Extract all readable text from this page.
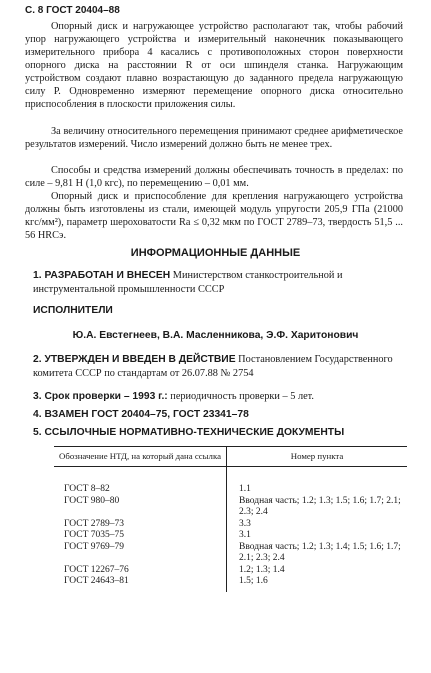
С. 8 ГОСТ 20404–88
Опорный диск и нагружающее устройство располагают так, чтобы рабочий упор нагружающего устройства и измерительный наконечник показывающего измерительного прибора 4 касались с противоположных сторон поверхности опорного диска на расстоянии R от оси шпинделя станка. Нагружающим устройством создают плавно возрастающую до заданного предела нагружающую силу P. Одновременно измеряют перемещение опорного диска относительно приспособления в плоскости приложения силы.
За величину относительного перемещения принимают среднее арифметическое результатов измерений. Число измерений должно быть не менее трех.
Способы и средства измерений должны обеспечивать точность в пределах: по силе – 9,81 Н (1,0 кгс), по перемещению – 0,01 мм.
Опорный диск и приспособление для крепления нагружающего устройства должны быть изготовлены из стали, имеющей модуль упругости 205,9 ГПа (21000 кгс/мм²), параметр шероховатости Ra ≤ 0,32 мкм по ГОСТ 2789–73, твердость 51,5 ... 56 HRCэ.
ИНФОРМАЦИОННЫЕ ДАННЫЕ
1. РАЗРАБОТАН И ВНЕСЕН Министерством станкостроительной и инструментальной промышленности СССР
ИСПОЛНИТЕЛИ
Ю.А. Евстегнеев, В.А. Масленникова, Э.Ф. Харитонович
2. УТВЕРЖДЕН И ВВЕДЕН В ДЕЙСТВИЕ Постановлением Государственного комитета СССР по стандартам от 26.07.88 № 2754
3. Срок проверки – 1993 г.: периодичность проверки – 5 лет.
4. ВЗАМЕН ГОСТ 20404–75, ГОСТ 23341–78
5. ССЫЛОЧНЫЕ НОРМАТИВНО-ТЕХНИЧЕСКИЕ ДОКУМЕНТЫ
Обозначение НТД, на который дана ссылка	Номер пункта
ГОСТ 8–82	1.1
ГОСТ 980–80	Вводная часть; 1.2; 1.3; 1.5; 1.6; 1.7; 2.1; 2.3; 2.4
ГОСТ 2789–73	3.3
ГОСТ 7035–75	3.1
ГОСТ 9769–79	Вводная часть; 1.2; 1.3; 1.4; 1.5; 1.6; 1.7; 2.1; 2.3; 2.4
ГОСТ 12267–76	1.2; 1.3; 1.4
ГОСТ 24643–81	1.5; 1.6
